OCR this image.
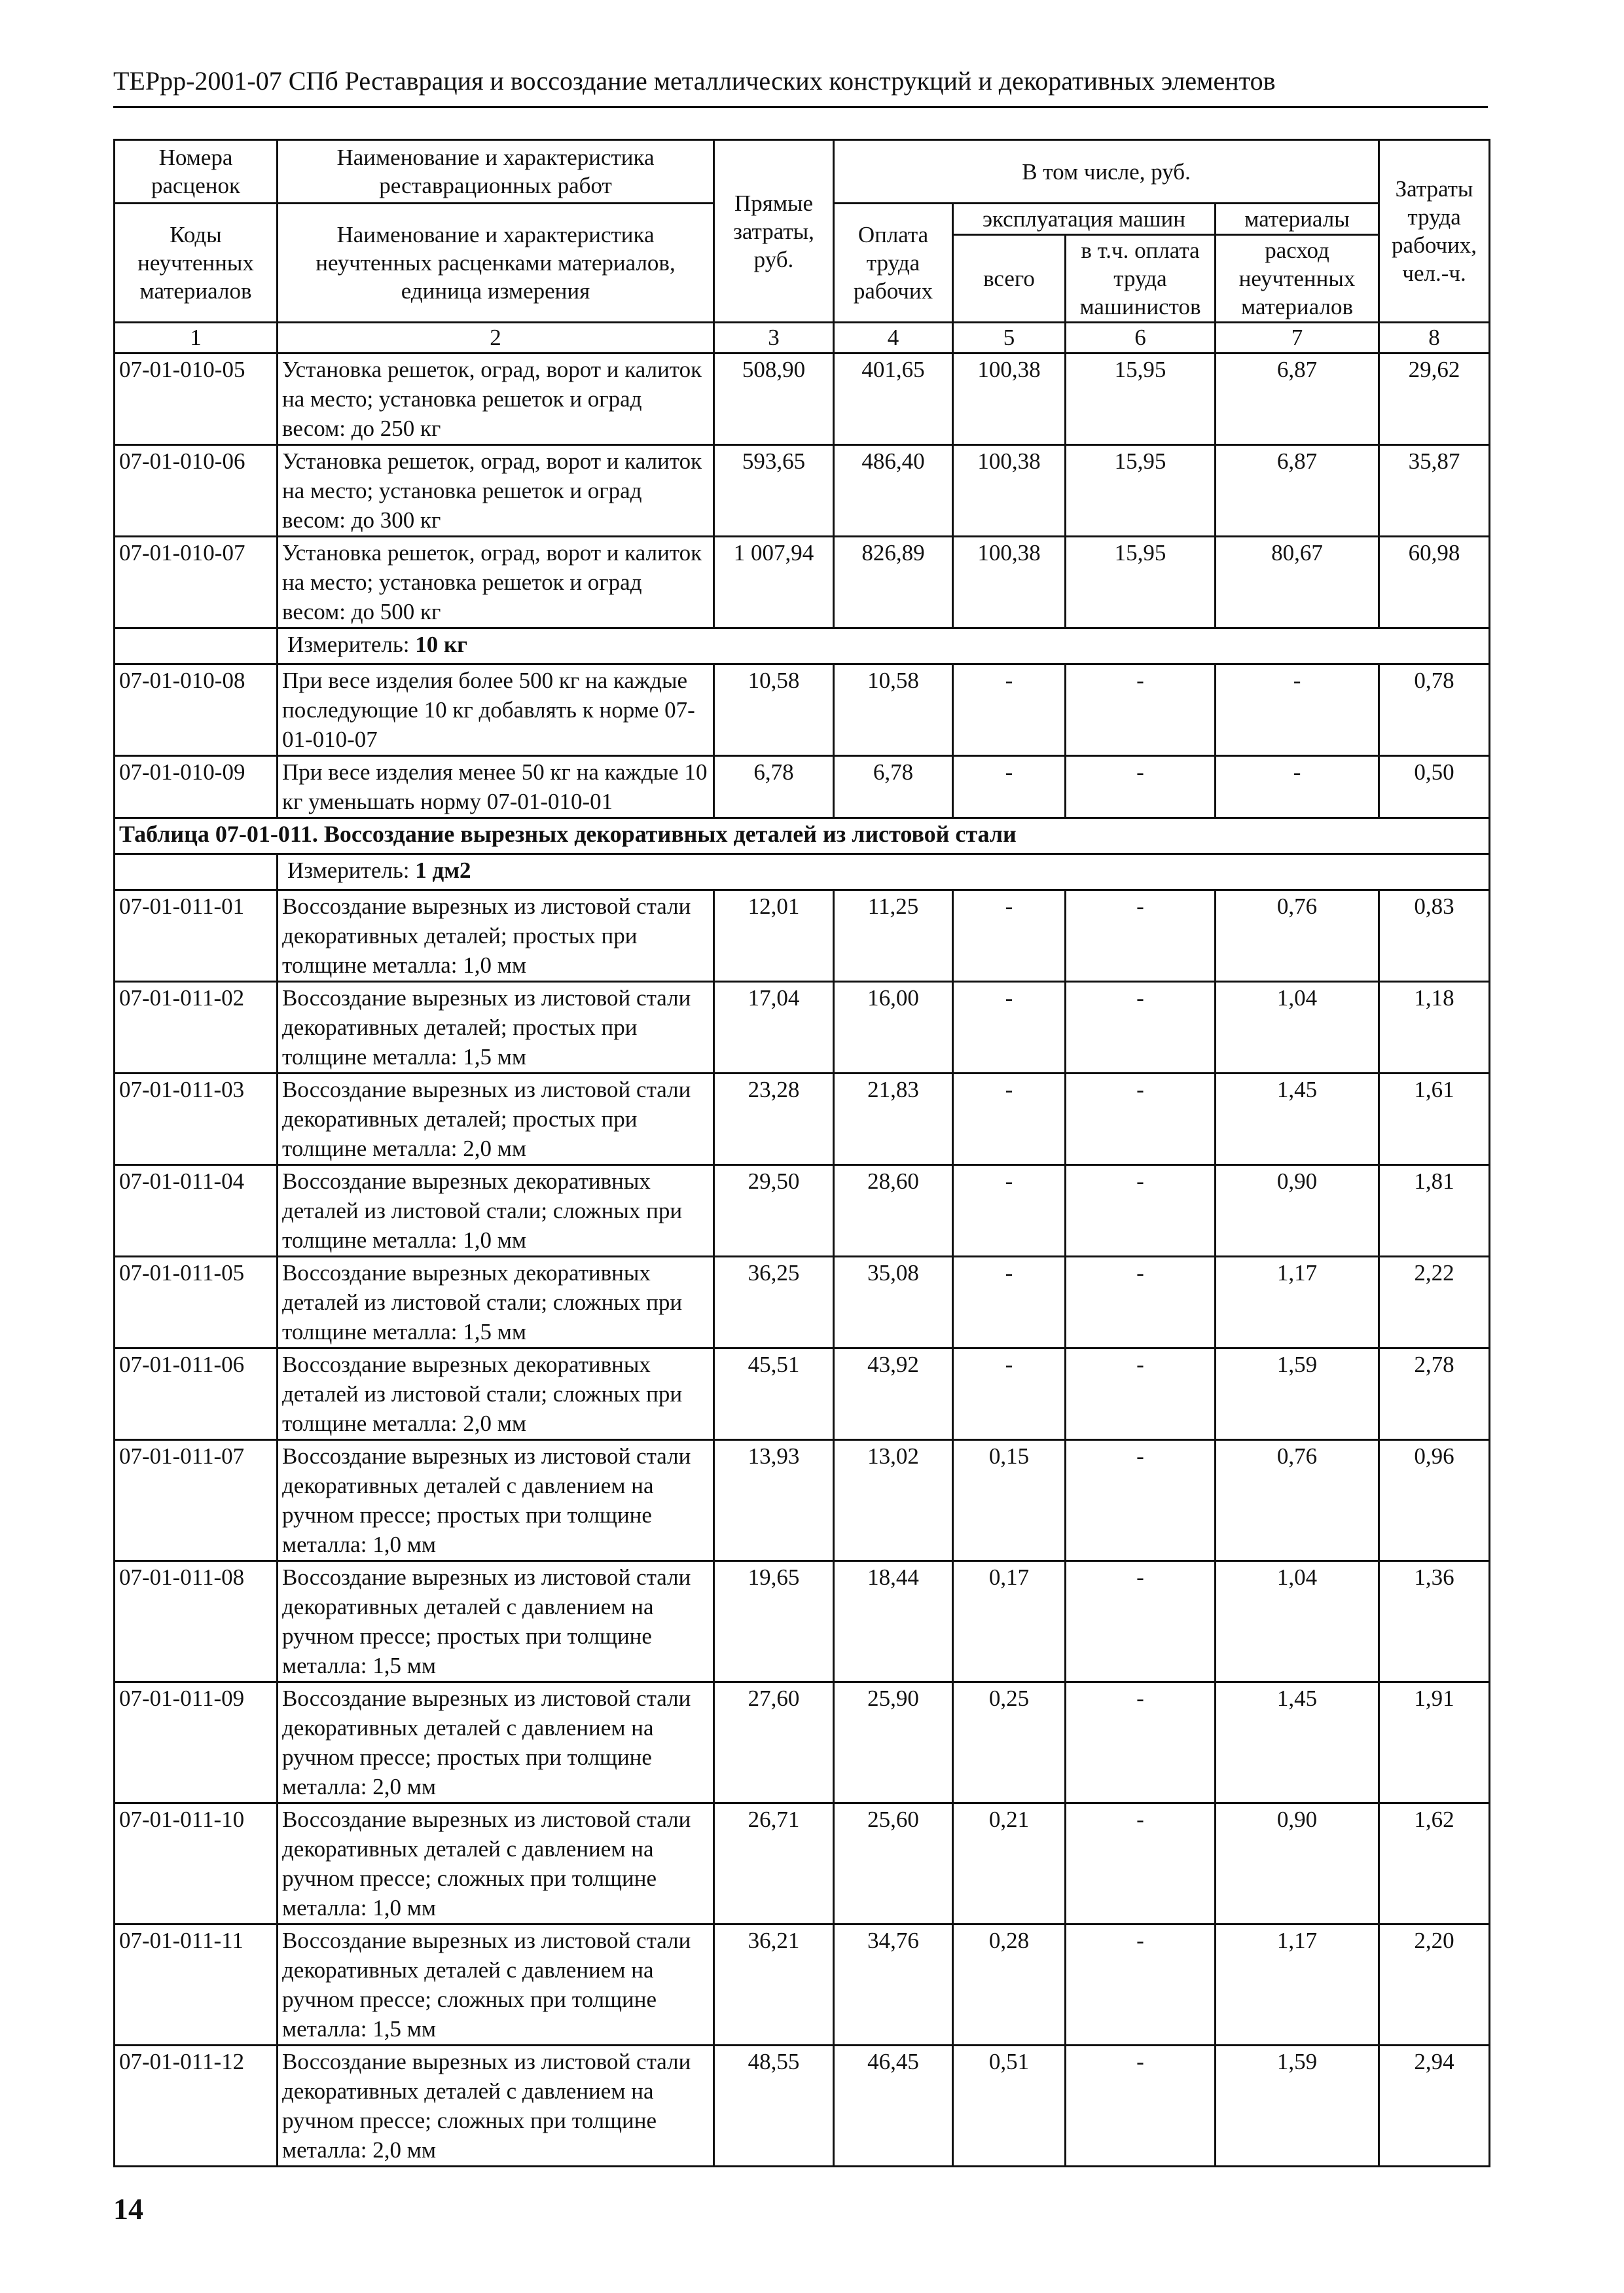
ТЕРрр-2001-07 СПб Реставрация и воссоздание металлических конструкций и декоративных элементов
Номера расценок	Наименование и характеристика реставрационных работ	Прямые затраты, руб.	В том числе, руб.				Затраты труда рабочих, чел.-ч.
Коды неучтенных материалов	Наименование и характеристика неучтенных расценками материалов, единица измерения		Оплата труда рабочих	эксплуатация машин		материалы	
				всего	в т.ч. оплата труда машинистов	расход неучтенных материалов	
1	2	3	4	5	6	7	8
07-01-010-05	Установка решеток, оград, ворот и калиток на место; установка решеток и оград весом: до 250 кг	508,90	401,65	100,38	15,95	6,87	29,62
07-01-010-06	Установка решеток, оград, ворот и калиток на место; установка решеток и оград весом: до 300 кг	593,65	486,40	100,38	15,95	6,87	35,87
07-01-010-07	Установка решеток, оград, ворот и калиток на место; установка решеток и оград весом: до 500 кг	1 007,94	826,89	100,38	15,95	80,67	60,98
	Измеритель: 10 кг						
07-01-010-08	При весе изделия более 500 кг на каждые последующие 10 кг добавлять к норме 07-01-010-07	10,58	10,58	-	-	-	0,78
07-01-010-09	При весе изделия менее 50 кг на каждые 10 кг уменьшать норму 07-01-010-01	6,78	6,78	-	-	-	0,50
Таблица 07-01-011. Воссоздание вырезных декоративных деталей из листовой стали							
	Измеритель: 1 дм2						
07-01-011-01	Воссоздание вырезных из листовой стали декоративных деталей; простых при толщине металла: 1,0 мм	12,01	11,25	-	-	0,76	0,83
07-01-011-02	Воссоздание вырезных из листовой стали декоративных деталей; простых при толщине металла: 1,5 мм	17,04	16,00	-	-	1,04	1,18
07-01-011-03	Воссоздание вырезных из листовой стали декоративных деталей; простых при толщине металла: 2,0 мм	23,28	21,83	-	-	1,45	1,61
07-01-011-04	Воссоздание вырезных декоративных деталей из листовой стали; сложных при толщине металла: 1,0 мм	29,50	28,60	-	-	0,90	1,81
07-01-011-05	Воссоздание вырезных декоративных деталей из листовой стали; сложных при толщине металла: 1,5 мм	36,25	35,08	-	-	1,17	2,22
07-01-011-06	Воссоздание вырезных декоративных деталей из листовой стали; сложных при толщине металла: 2,0 мм	45,51	43,92	-	-	1,59	2,78
07-01-011-07	Воссоздание вырезных из листовой стали декоративных деталей с давлением на ручном прессе; простых при толщине металла: 1,0 мм	13,93	13,02	0,15	-	0,76	0,96
07-01-011-08	Воссоздание вырезных из листовой стали декоративных деталей с давлением на ручном прессе; простых при толщине металла: 1,5 мм	19,65	18,44	0,17	-	1,04	1,36
07-01-011-09	Воссоздание вырезных из листовой стали декоративных деталей с давлением на ручном прессе; простых при толщине металла: 2,0 мм	27,60	25,90	0,25	-	1,45	1,91
07-01-011-10	Воссоздание вырезных из листовой стали декоративных деталей с давлением на ручном прессе; сложных при толщине металла: 1,0 мм	26,71	25,60	0,21	-	0,90	1,62
07-01-011-11	Воссоздание вырезных из листовой стали декоративных деталей с давлением на ручном прессе; сложных при толщине металла: 1,5 мм	36,21	34,76	0,28	-	1,17	2,20
07-01-011-12	Воссоздание вырезных из листовой стали декоративных деталей с давлением на ручном прессе; сложных при толщине металла: 2,0 мм	48,55	46,45	0,51	-	1,59	2,94
14
